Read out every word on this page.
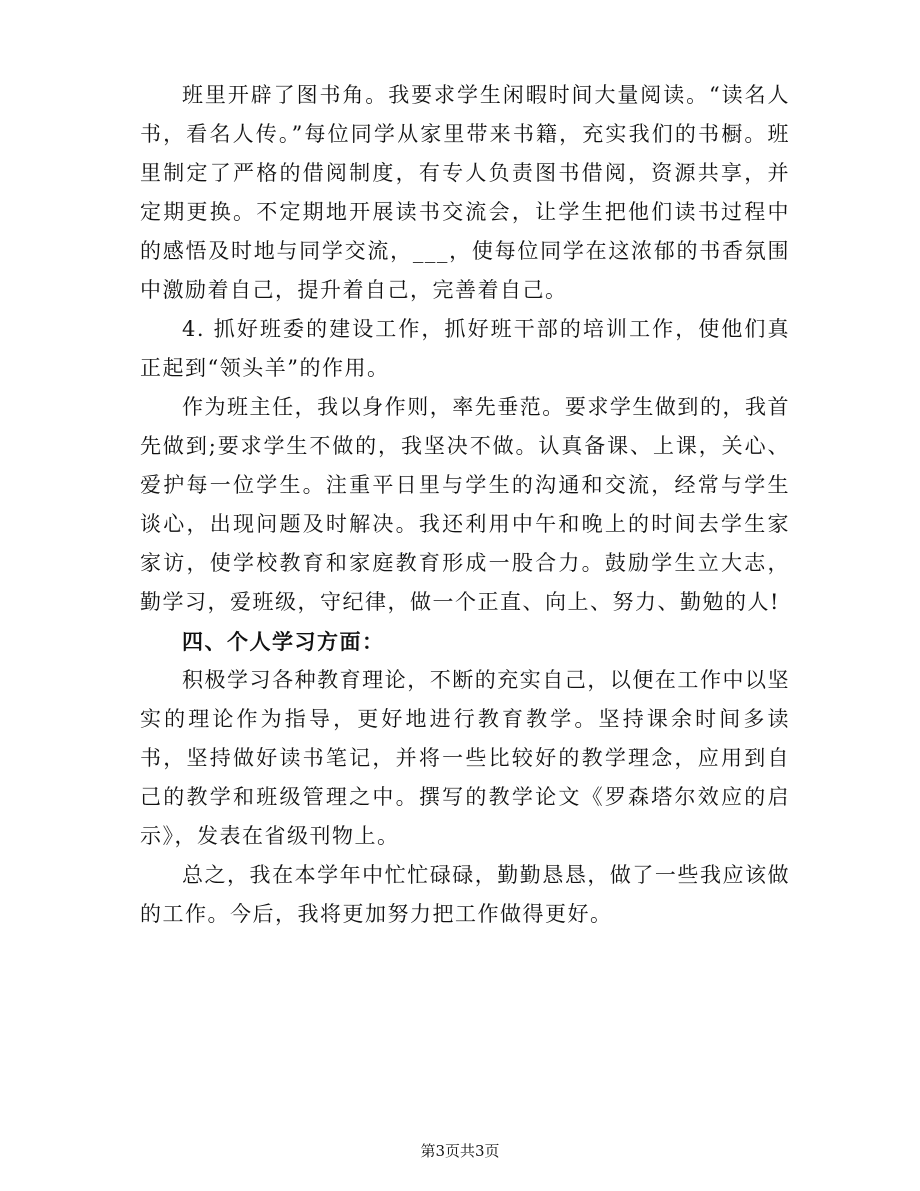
班里开辟了图书角。我要求学生闲暇时间大量阅读。“读名人书，看名人传。”每位同学从家里带来书籍，充实我们的书橱。班里制定了严格的借阅制度，有专人负责图书借阅，资源共享，并定期更换。不定期地开展读书交流会，让学生把他们读书过程中的感悟及时地与同学交流，___，使每位同学在这浓郁的书香氛围中激励着自己，提升着自己，完善着自己。

4. 抓好班委的建设工作，抓好班干部的培训工作，使他们真正起到“领头羊”的作用。

作为班主任，我以身作则，率先垂范。要求学生做到的，我首先做到;要求学生不做的，我坚决不做。认真备课、上课，关心、爱护每一位学生。注重平日里与学生的沟通和交流，经常与学生谈心，出现问题及时解决。我还利用中午和晚上的时间去学生家家访，使学校教育和家庭教育形成一股合力。鼓励学生立大志，勤学习，爱班级，守纪律，做一个正直、向上、努力、勤勉的人!

四、个人学习方面：

积极学习各种教育理论，不断的充实自己，以便在工作中以坚实的理论作为指导，更好地进行教育教学。坚持课余时间多读书，坚持做好读书笔记，并将一些比较好的教学理念，应用到自己的教学和班级管理之中。撰写的教学论文《罗森塔尔效应的启示》，发表在省级刊物上。

总之，我在本学年中忙忙碌碌，勤勤恳恳，做了一些我应该做的工作。今后，我将更加努力把工作做得更好。

第3页共3页
